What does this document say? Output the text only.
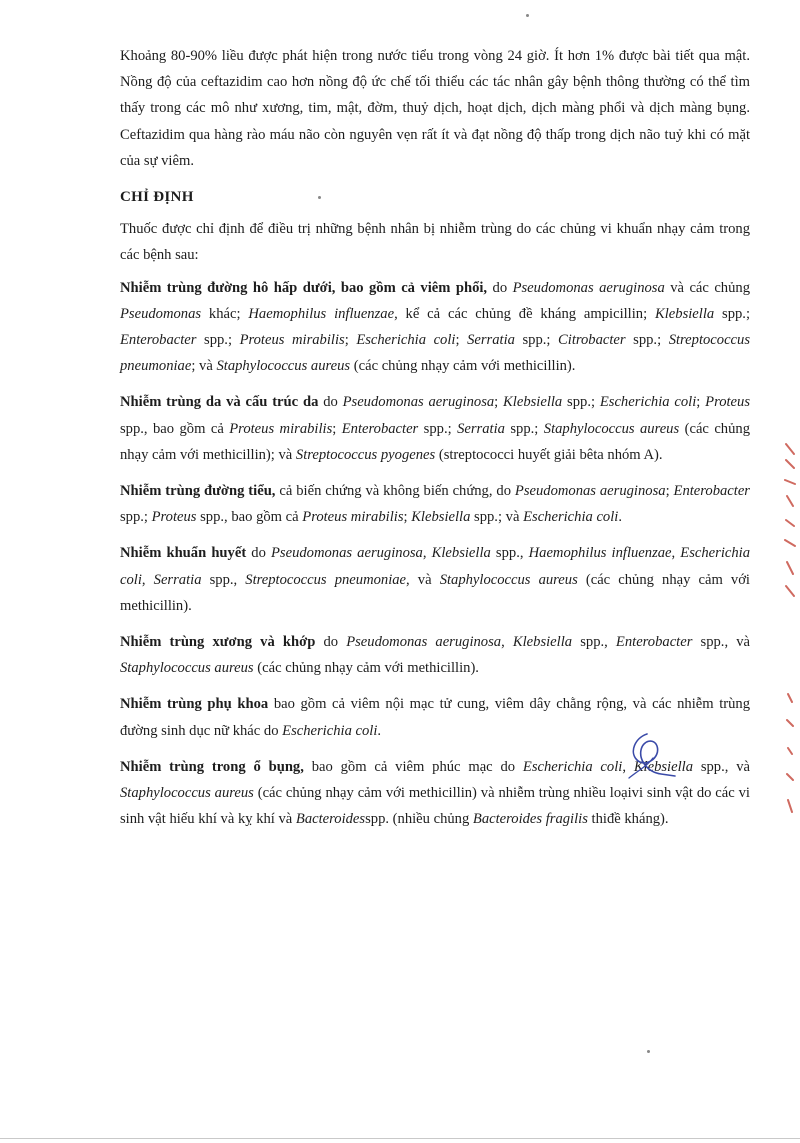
Khoảng 80-90% liều được phát hiện trong nước tiểu trong vòng 24 giờ. Ít hơn 1% được bài tiết qua mật. Nồng độ của ceftazidim cao hơn nồng độ ức chế tối thiểu các tác nhân gây bệnh thông thường có thể tìm thấy trong các mô như xương, tim, mật, đờm, thuỷ dịch, hoạt dịch, dịch màng phổi và dịch màng bụng. Ceftazidim qua hàng rào máu não còn nguyên vẹn rất ít và đạt nồng độ thấp trong dịch não tuỷ khi có mặt của sự viêm.

CHỈ ĐỊNH

Thuốc được chỉ định để điều trị những bệnh nhân bị nhiễm trùng do các chủng vi khuẩn nhạy cảm trong các bệnh sau:

Nhiễm trùng đường hô hấp dưới, bao gồm cả viêm phổi, do Pseudomonas aeruginosa và các chủng Pseudomonas khác; Haemophilus influenzae, kể cả các chủng đề kháng ampicillin; Klebsiella spp.; Enterobacter spp.; Proteus mirabilis; Escherichia coli; Serratia spp.; Citrobacter spp.; Streptococcus pneumoniae; và Staphylococcus aureus (các chủng nhạy cảm với methicillin).

Nhiễm trùng da và cấu trúc da do Pseudomonas aeruginosa; Klebsiella spp.; Escherichia coli; Proteus spp., bao gồm cả Proteus mirabilis; Enterobacter spp.; Serratia spp.; Staphylococcus aureus (các chủng nhạy cảm với methicillin); và Streptococcus pyogenes (streptococci huyết giải bêta nhóm A).

Nhiễm trùng đường tiểu, cả biến chứng và không biến chứng, do Pseudomonas aeruginosa; Enterobacter spp.; Proteus spp., bao gồm cả Proteus mirabilis; Klebsiella spp.; và Escherichia coli.

Nhiễm khuẩn huyết do Pseudomonas aeruginosa, Klebsiella spp., Haemophilus influenzae, Escherichia coli, Serratia spp., Streptococcus pneumoniae, và Staphylococcus aureus (các chủng nhạy cảm với methicillin).

Nhiễm trùng xương và khớp do Pseudomonas aeruginosa, Klebsiella spp., Enterobacter spp., và Staphylococcus aureus (các chủng nhạy cảm với methicillin).

Nhiễm trùng phụ khoa bao gồm cả viêm nội mạc tử cung, viêm dây chằng rộng, và các nhiễm trùng đường sinh dục nữ khác do Escherichia coli.

Nhiễm trùng trong ổ bụng, bao gồm cả viêm phúc mạc do Escherichia coli, Klebsiella spp., và Staphylococcus aureus (các chủng nhạy cảm với methicillin) và nhiễm trùng nhiều loạivi sinh vật do các vi sinh vật hiếu khí và kỵ khí và Bacteroidesspp. (nhiều chủng Bacteroides fragilis thiđề kháng).
